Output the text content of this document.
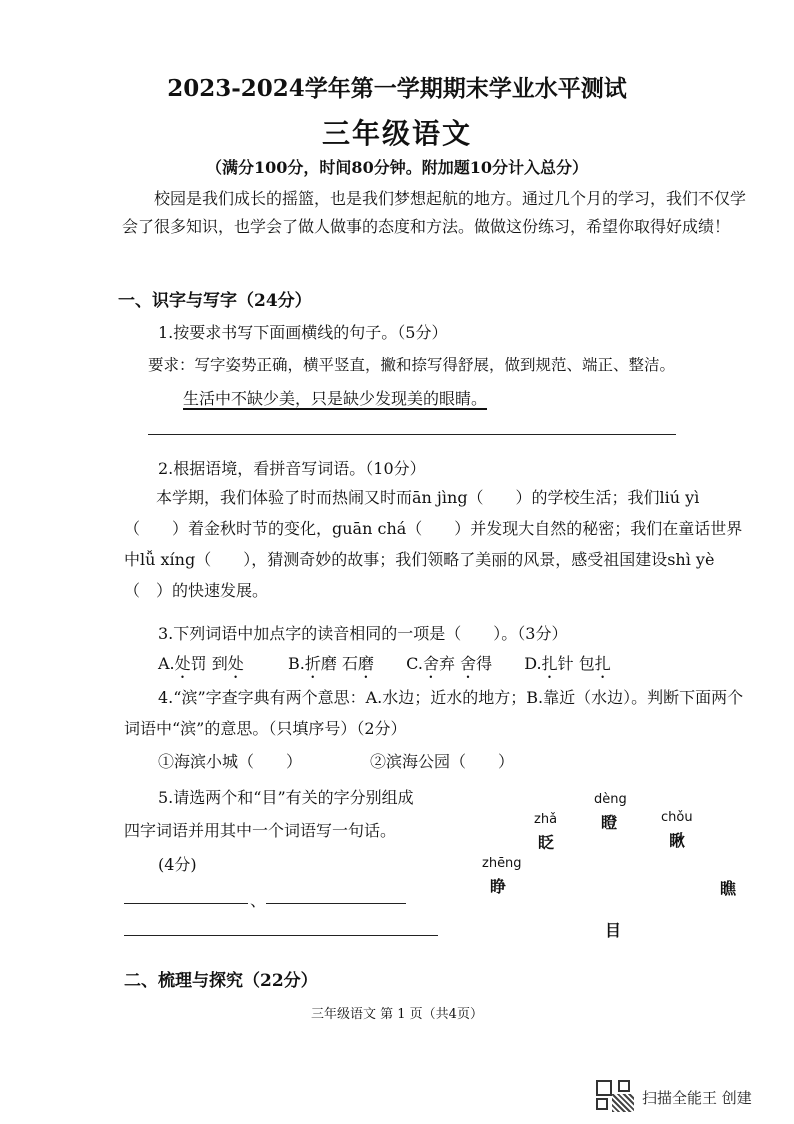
2023-2024学年第一学期期末学业水平测试
三年级语文
（满分100分，时间80分钟。附加题10分计入总分）

校园是我们成长的摇篮，也是我们梦想起航的地方。通过几个月的学习，我们不仅学会了很多知识，也学会了做人做事的态度和方法。做做这份练习，希望你取得好成绩！

一、识字与写字（24分）
1.按要求书写下面画横线的句子。（5分）
要求：写字姿势正确，横平竖直，撇和捺写得舒展，做到规范、端正、整洁。
生活中不缺少美，只是缺少发现美的眼睛。
2.根据语境，看拼音写词语。（10分）
本学期，我们体验了时而热闹又时而ān jìng（　　）的学校生活；我们liú yì（　　）着金秋时节的变化，guān chá（　　）并发现大自然的秘密；我们在童话世界中lǚ xíng（　　），猜测奇妙的故事；我们领略了美丽的风景，感受祖国建设shì yè（　）的快速发展。
3.下列词语中加点字的读音相同的一项是（　　）。（3分）
A.处罚 到处	B.折磨 石磨 C.舍弃 舍得 D.扎针 包扎
4.“滨”字查字典有两个意思：A.水边；近水的地方；B.靠近（水边）。判断下面两个词语中“滨”的意思。（只填序号）（2分）
①海滨小城（　　）	②滨海公园（　　）
5.请选两个和“目”有关的字分别组成
四字词语并用其中一个词语写一句话。
(4分)
、
dèng
瞪
zhǎ
眨
chǒu
瞅
zhēng
睁	瞧
目
二、梳理与探究（22分）
三年级语文 第 1 页（共4页）
扫描全能王 创建
